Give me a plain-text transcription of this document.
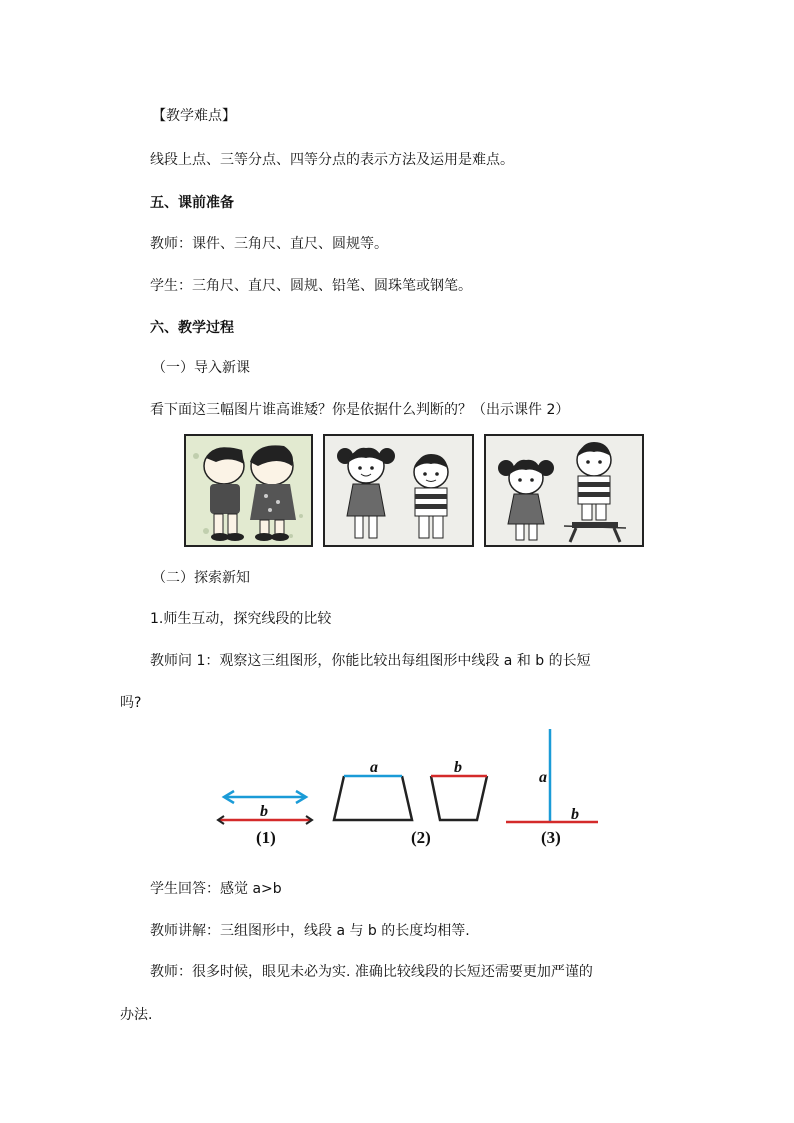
【教学难点】
线段上点、三等分点、四等分点的表示方法及运用是难点。
五、课前准备
教师：课件、三角尺、直尺、圆规等。
学生：三角尺、直尺、圆规、铅笔、圆珠笔或钢笔。
六、教学过程
（一）导入新课
看下面这三幅图片谁高谁矮？你是依据什么判断的？（出示课件 2）
（二）探索新知
1.师生互动，探究线段的比较
教师问 1：观察这三组图形，你能比较出每组图形中线段 a 和 b 的长短
吗?
b
(1)
a	b
(2)
a
b
(3)
学生回答：感觉 a>b
教师讲解：三组图形中，线段 a 与 b 的长度均相等.
教师：很多时候，眼见未必为实. 准确比较线段的长短还需要更加严谨的
办法.
